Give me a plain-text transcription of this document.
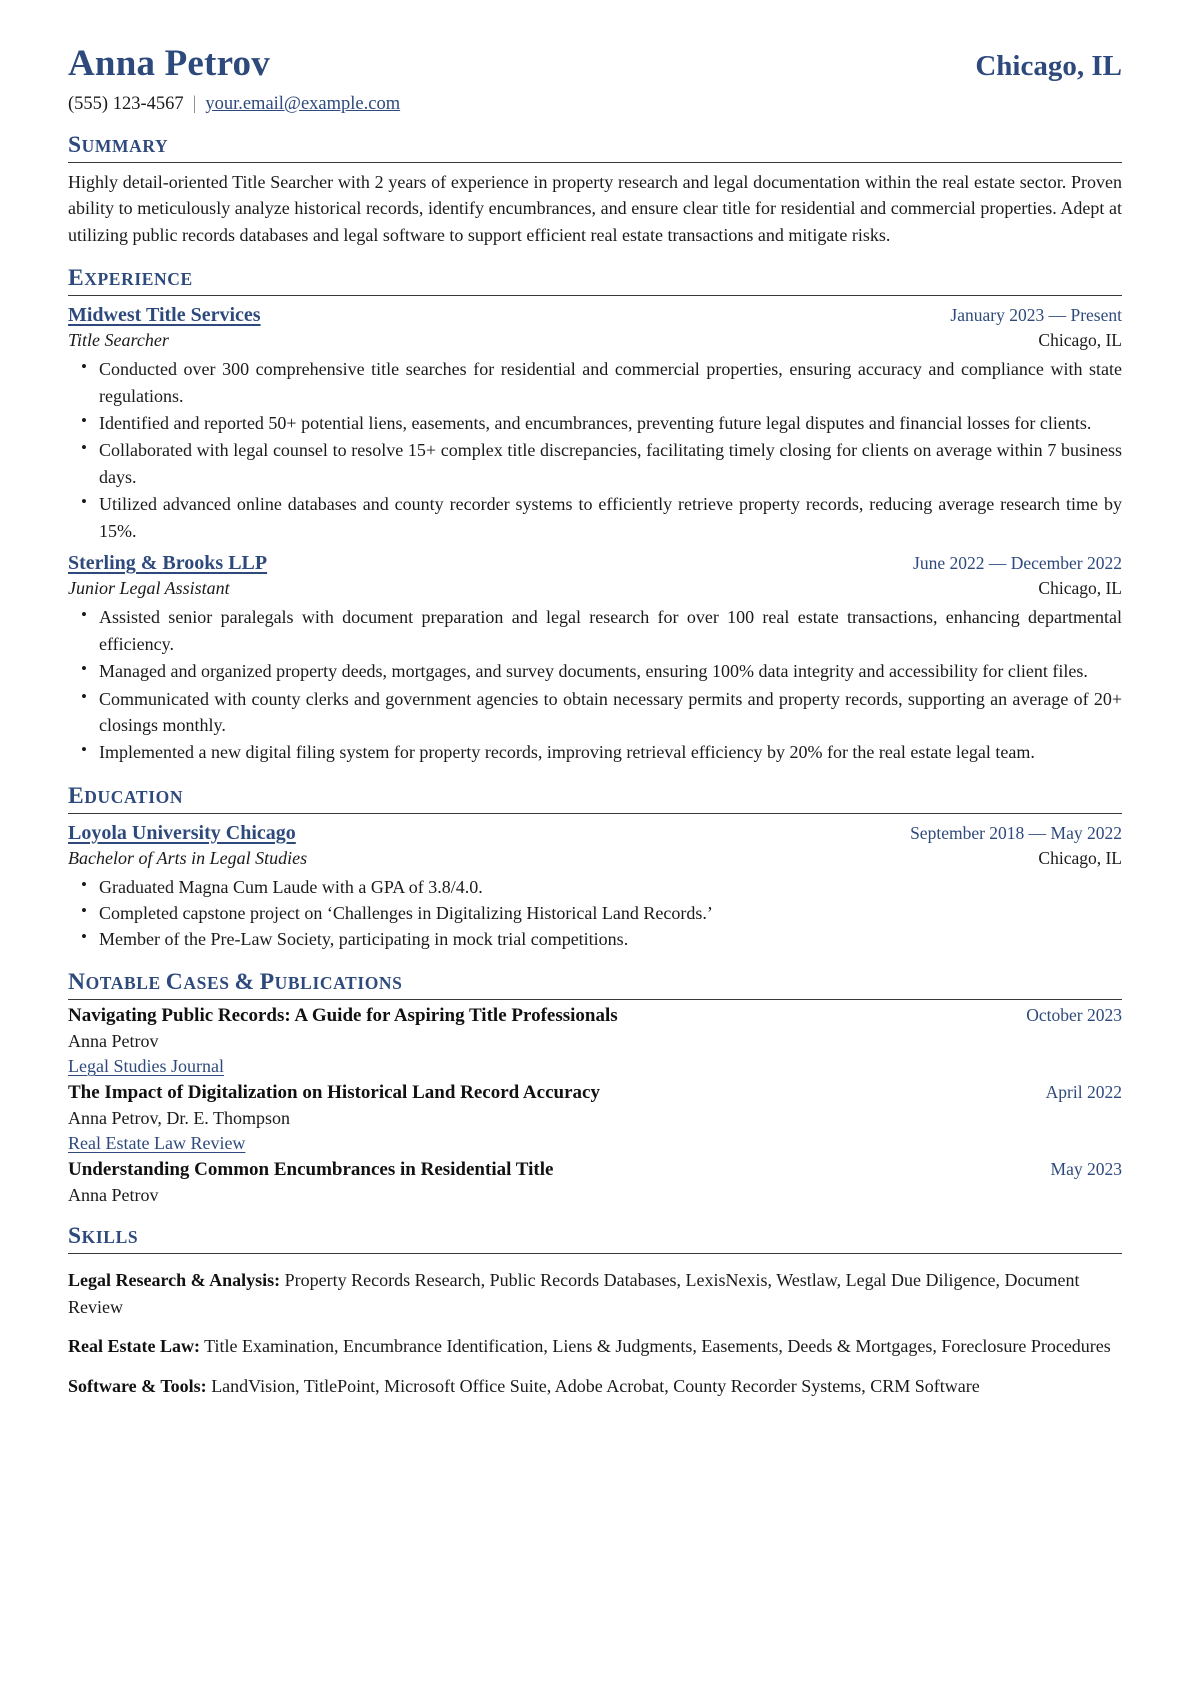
Anna Petrov	Chicago, IL
(555) 123-4567 | your.email@example.com
SUMMARY
Highly detail-oriented Title Searcher with 2 years of experience in property research and legal documentation within the real estate sector. Proven ability to meticulously analyze historical records, identify encumbrances, and ensure clear title for residential and commercial properties. Adept at utilizing public records databases and legal software to support efficient real estate transactions and mitigate risks.
EXPERIENCE
Midwest Title Services	January 2023 — Present
Title Searcher	Chicago, IL
• Conducted over 300 comprehensive title searches for residential and commercial properties, ensuring accuracy and compliance with state regulations.
• Identified and reported 50+ potential liens, easements, and encumbrances, preventing future legal disputes and financial losses for clients.
• Collaborated with legal counsel to resolve 15+ complex title discrepancies, facilitating timely closing for clients on average within 7 business days.
• Utilized advanced online databases and county recorder systems to efficiently retrieve property records, reducing average research time by 15%.
Sterling & Brooks LLP	June 2022 — December 2022
Junior Legal Assistant	Chicago, IL
• Assisted senior paralegals with document preparation and legal research for over 100 real estate transactions, enhancing departmental efficiency.
• Managed and organized property deeds, mortgages, and survey documents, ensuring 100% data integrity and accessibility for client files.
• Communicated with county clerks and government agencies to obtain necessary permits and property records, supporting an average of 20+ closings monthly.
• Implemented a new digital filing system for property records, improving retrieval efficiency by 20% for the real estate legal team.
EDUCATION
Loyola University Chicago	September 2018 — May 2022
Bachelor of Arts in Legal Studies	Chicago, IL
• Graduated Magna Cum Laude with a GPA of 3.8/4.0.
• Completed capstone project on ‘Challenges in Digitalizing Historical Land Records.’
• Member of the Pre-Law Society, participating in mock trial competitions.
NOTABLE CASES & PUBLICATIONS
Navigating Public Records: A Guide for Aspiring Title Professionals	October 2023
Anna Petrov
Legal Studies Journal
The Impact of Digitalization on Historical Land Record Accuracy	April 2022
Anna Petrov, Dr. E. Thompson
Real Estate Law Review
Understanding Common Encumbrances in Residential Title	May 2023
Anna Petrov
SKILLS
Legal Research & Analysis: Property Records Research, Public Records Databases, LexisNexis, Westlaw, Legal Due Diligence, Document Review
Real Estate Law: Title Examination, Encumbrance Identification, Liens & Judgments, Easements, Deeds & Mortgages, Foreclosure Procedures
Software & Tools: LandVision, TitlePoint, Microsoft Office Suite, Adobe Acrobat, County Recorder Systems, CRM Software
